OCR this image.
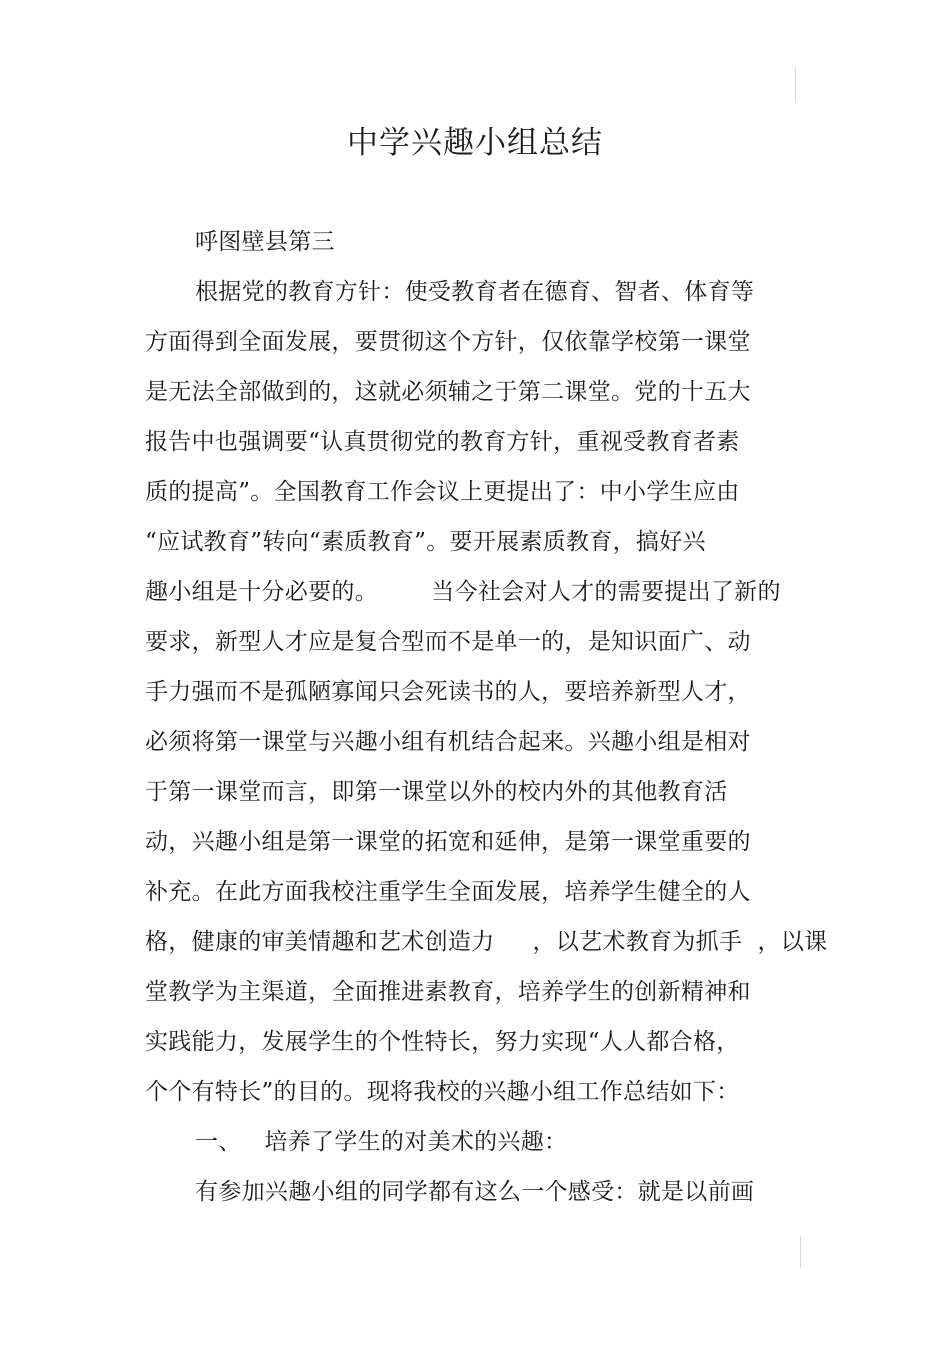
中学兴趣小组总结
呼图壁县第三
根据党的教育方针：使受教育者在德育、智者、体育等
方面得到全面发展，要贯彻这个方针，仅依靠学校第一课堂
是无法全部做到的，这就必须辅之于第二课堂。党的十五大
报告中也强调要“认真贯彻党的教育方针，重视受教育者素
质的提高”。全国教育工作会议上更提出了：中小学生应由
“应试教育”转向“素质教育”。要开展素质教育，搞好兴
趣小组是十分必要的。       当今社会对人才的需要提出了新的
要求，新型人才应是复合型而不是单一的，是知识面广、动
手力强而不是孤陋寡闻只会死读书的人，要培养新型人才，
必须将第一课堂与兴趣小组有机结合起来。兴趣小组是相对
于第一课堂而言，即第一课堂以外的校内外的其他教育活
动，兴趣小组是第一课堂的拓宽和延伸，是第一课堂重要的
补充。在此方面我校注重学生全面发展，培养学生健全的人
格，健康的审美情趣和艺术创造力     ，以艺术教育为抓手  ，以课
堂教学为主渠道，全面推进素教育，培养学生的创新精神和
实践能力，发展学生的个性特长，努力实现“人人都合格，
个个有特长”的目的。现将我校的兴趣小组工作总结如下：
一、   培养了学生的对美术的兴趣：
有参加兴趣小组的同学都有这么一个感受：就是以前画
